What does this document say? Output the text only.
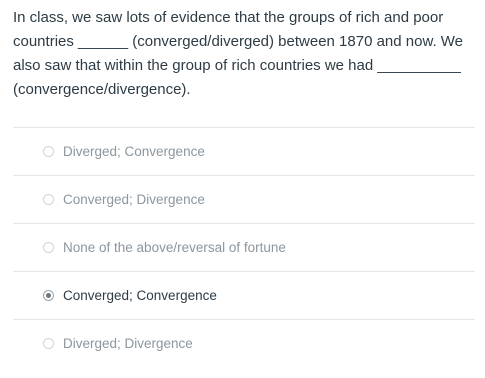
In class, we saw lots of evidence that the groups of rich and poor countries ______ (converged/diverged) between 1870 and now. We also saw that within the group of rich countries we had __________ (convergence/divergence).

Diverged; Convergence
Converged; Divergence
None of the above/reversal of fortune
Converged; Convergence
Diverged; Divergence
